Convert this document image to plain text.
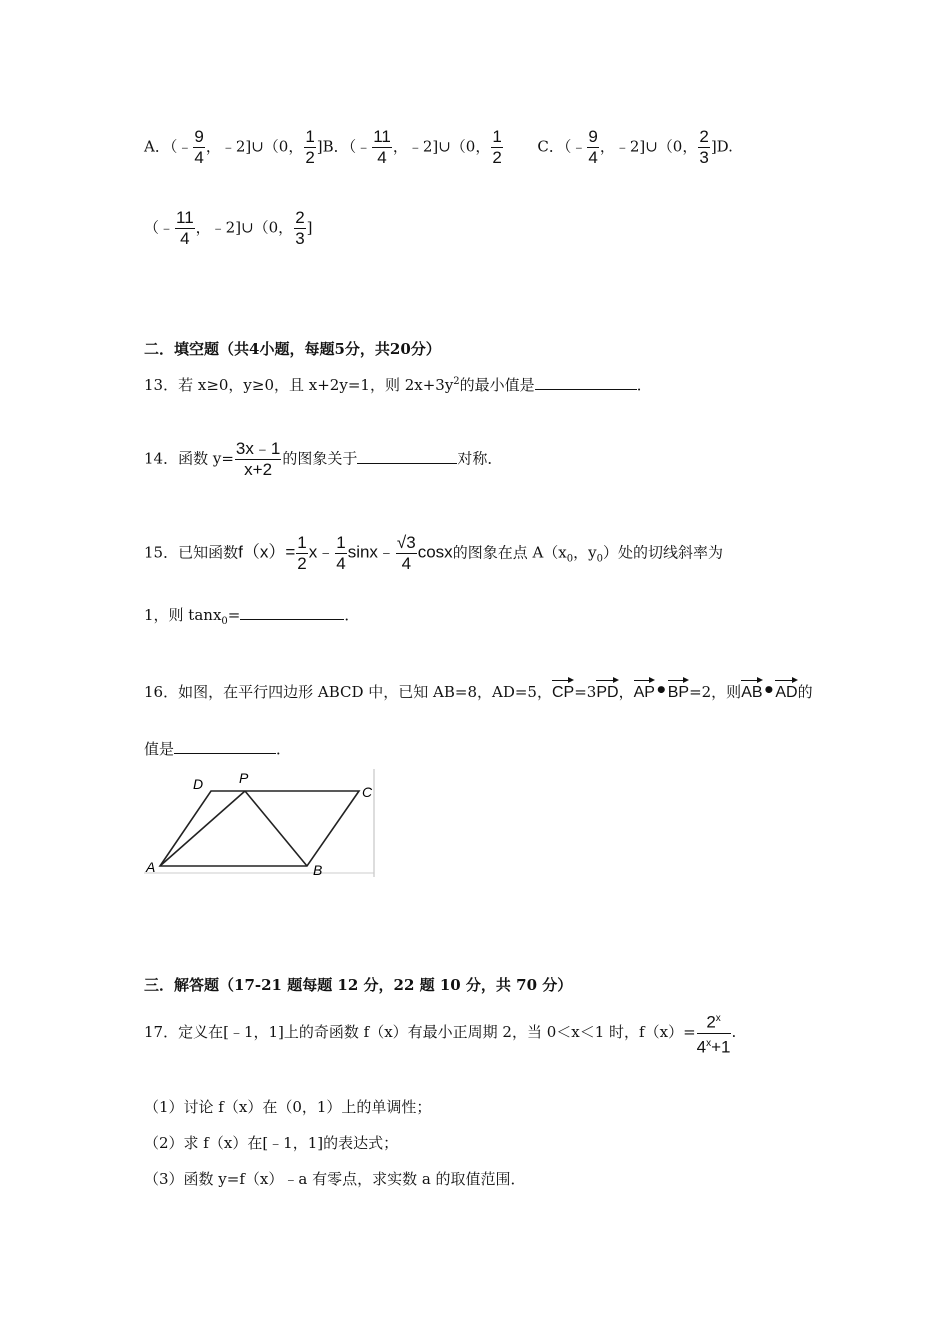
A．（﹣ $\frac{9}{4}$ ，﹣2]∪（0， $\frac{1}{2} ]B$．（﹣ $\frac{11}{4}$ ，﹣2]∪（0， $\frac{1}{2}$ C．（﹣ $\frac{9}{4}$ ，﹣2]∪（0， $\frac{2}{3} ]D$.
（﹣ $\frac{11}{4}$ ，﹣2]∪（0， $\frac{2}{3}$ ]
二．填空题（共4小题，每题5分，共20分）
13．若 x≥0，y≥0，且 x+2y=1，则 $2x+3y^2$的最小值是	．
14．函数 $y= \frac{3x﹣1}{x+2}$ 的图象关于	对称．
15．已知函数$f(x)= \frac{1}{2}$ x﹣ $\frac{1}{4}$ sinx﹣ $\frac{√3}{4}$ cosx的图象在点 $A(x_0$，$y_0$）处的切线斜率为
1，则 tanx$_0$=	．
16．如图，在平行四边形 ABCD 中，已知 AB=8，AD=5，CP=3PD，AP•BP=2，则AB•AD的
值是	．
D	P
C
A	B
三．解答题（17-21 题每题 12 分，22 题 10 分，共 70 分）
17．定义在[﹣1，1]上的奇函数 f（x）有最小正周期 2，当 0＜x＜1 时，$f(x)= \frac{2^x}{4^x+1}$ .
（1）讨论 f（x）在（0，1）上的单调性；
（2）求 f（x）在[﹣1，1]的表达式；
（3）函数 y=f（x）﹣a 有零点，求实数 a 的取值范围．
